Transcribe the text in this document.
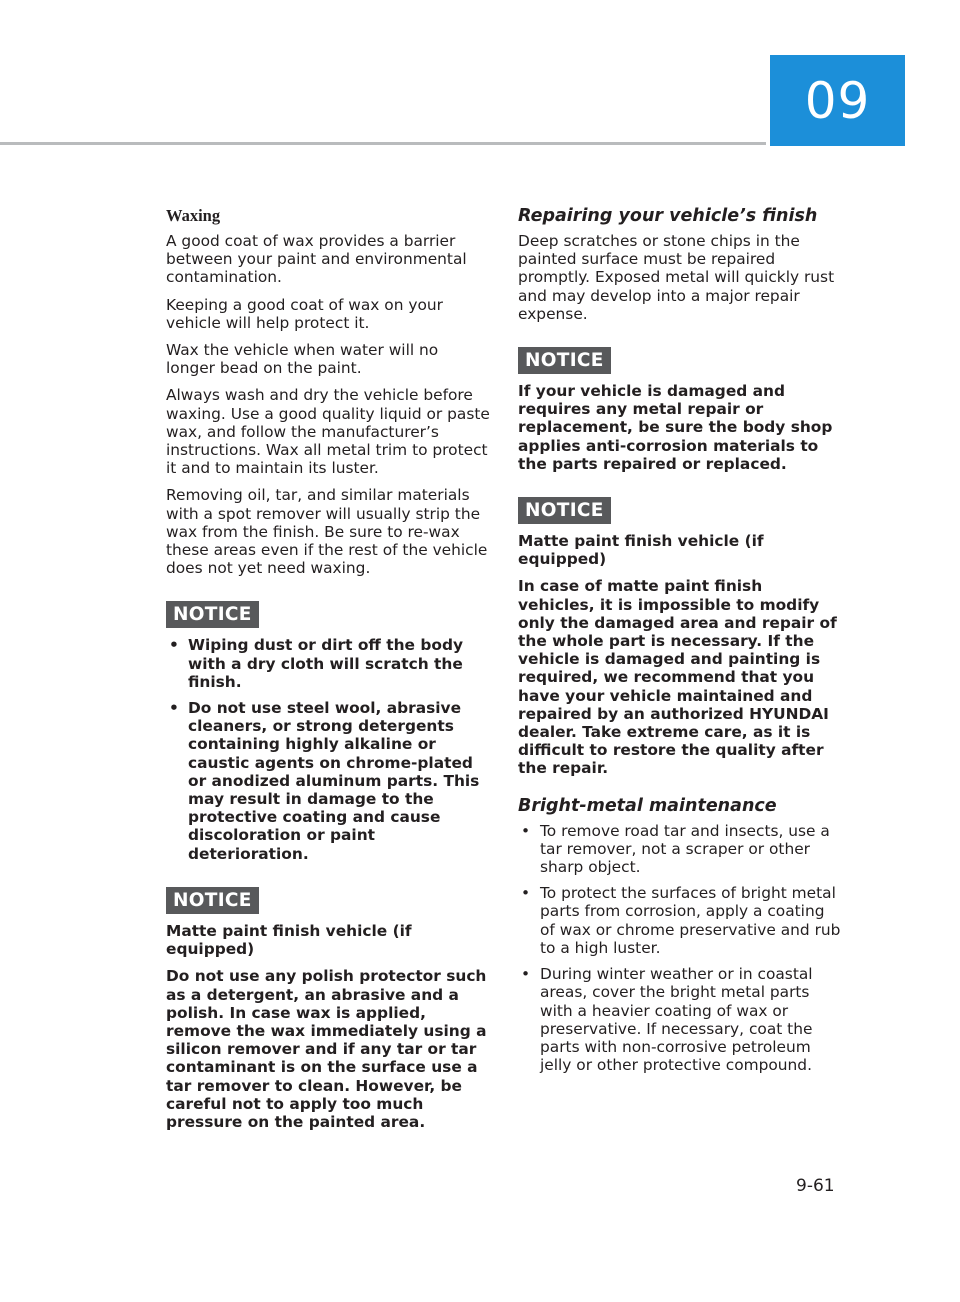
09
Waxing

A good coat of wax provides a barrier between your paint and environmental contamination.

Keeping a good coat of wax on your vehicle will help protect it.

Wax the vehicle when water will no longer bead on the paint.

Always wash and dry the vehicle before waxing. Use a good quality liquid or paste wax, and follow the manufacturer’s instructions. Wax all metal trim to protect it and to maintain its luster.

Removing oil, tar, and similar materials with a spot remover will usually strip the wax from the finish. Be sure to re-wax these areas even if the rest of the vehicle does not yet need waxing.

NOTICE
• Wiping dust or dirt off the body with a dry cloth will scratch the finish.
• Do not use steel wool, abrasive cleaners, or strong detergents containing highly alkaline or caustic agents on chrome-plated or anodized aluminum parts. This may result in damage to the protective coating and cause discoloration or paint deterioration.
NOTICE

Matte paint finish vehicle (if equipped)

Do not use any polish protector such as a detergent, an abrasive and a polish. In case wax is applied, remove the wax immediately using a silicon remover and if any tar or tar contaminant is on the surface use a tar remover to clean. However, be careful not to apply too much pressure on the painted area.

Repairing your vehicle’s finish

Deep scratches or stone chips in the painted surface must be repaired promptly. Exposed metal will quickly rust and may develop into a major repair expense.

NOTICE

If your vehicle is damaged and requires any metal repair or replacement, be sure the body shop applies anti-corrosion materials to the parts repaired or replaced.

NOTICE

Matte paint finish vehicle (if equipped)

In case of matte paint finish vehicles, it is impossible to modify only the damaged area and repair of the whole part is necessary. If the vehicle is damaged and painting is required, we recommend that you have your vehicle maintained and repaired by an authorized HYUNDAI dealer. Take extreme care, as it is difficult to restore the quality after the repair.

Bright-metal maintenance
• To remove road tar and insects, use a tar remover, not a scraper or other sharp object.
• To protect the surfaces of bright metal parts from corrosion, apply a coating of wax or chrome preservative and rub to a high luster.
• During winter weather or in coastal areas, cover the bright metal parts with a heavier coating of wax or preservative. If necessary, coat the parts with non-corrosive petroleum jelly or other protective compound.
9-61
